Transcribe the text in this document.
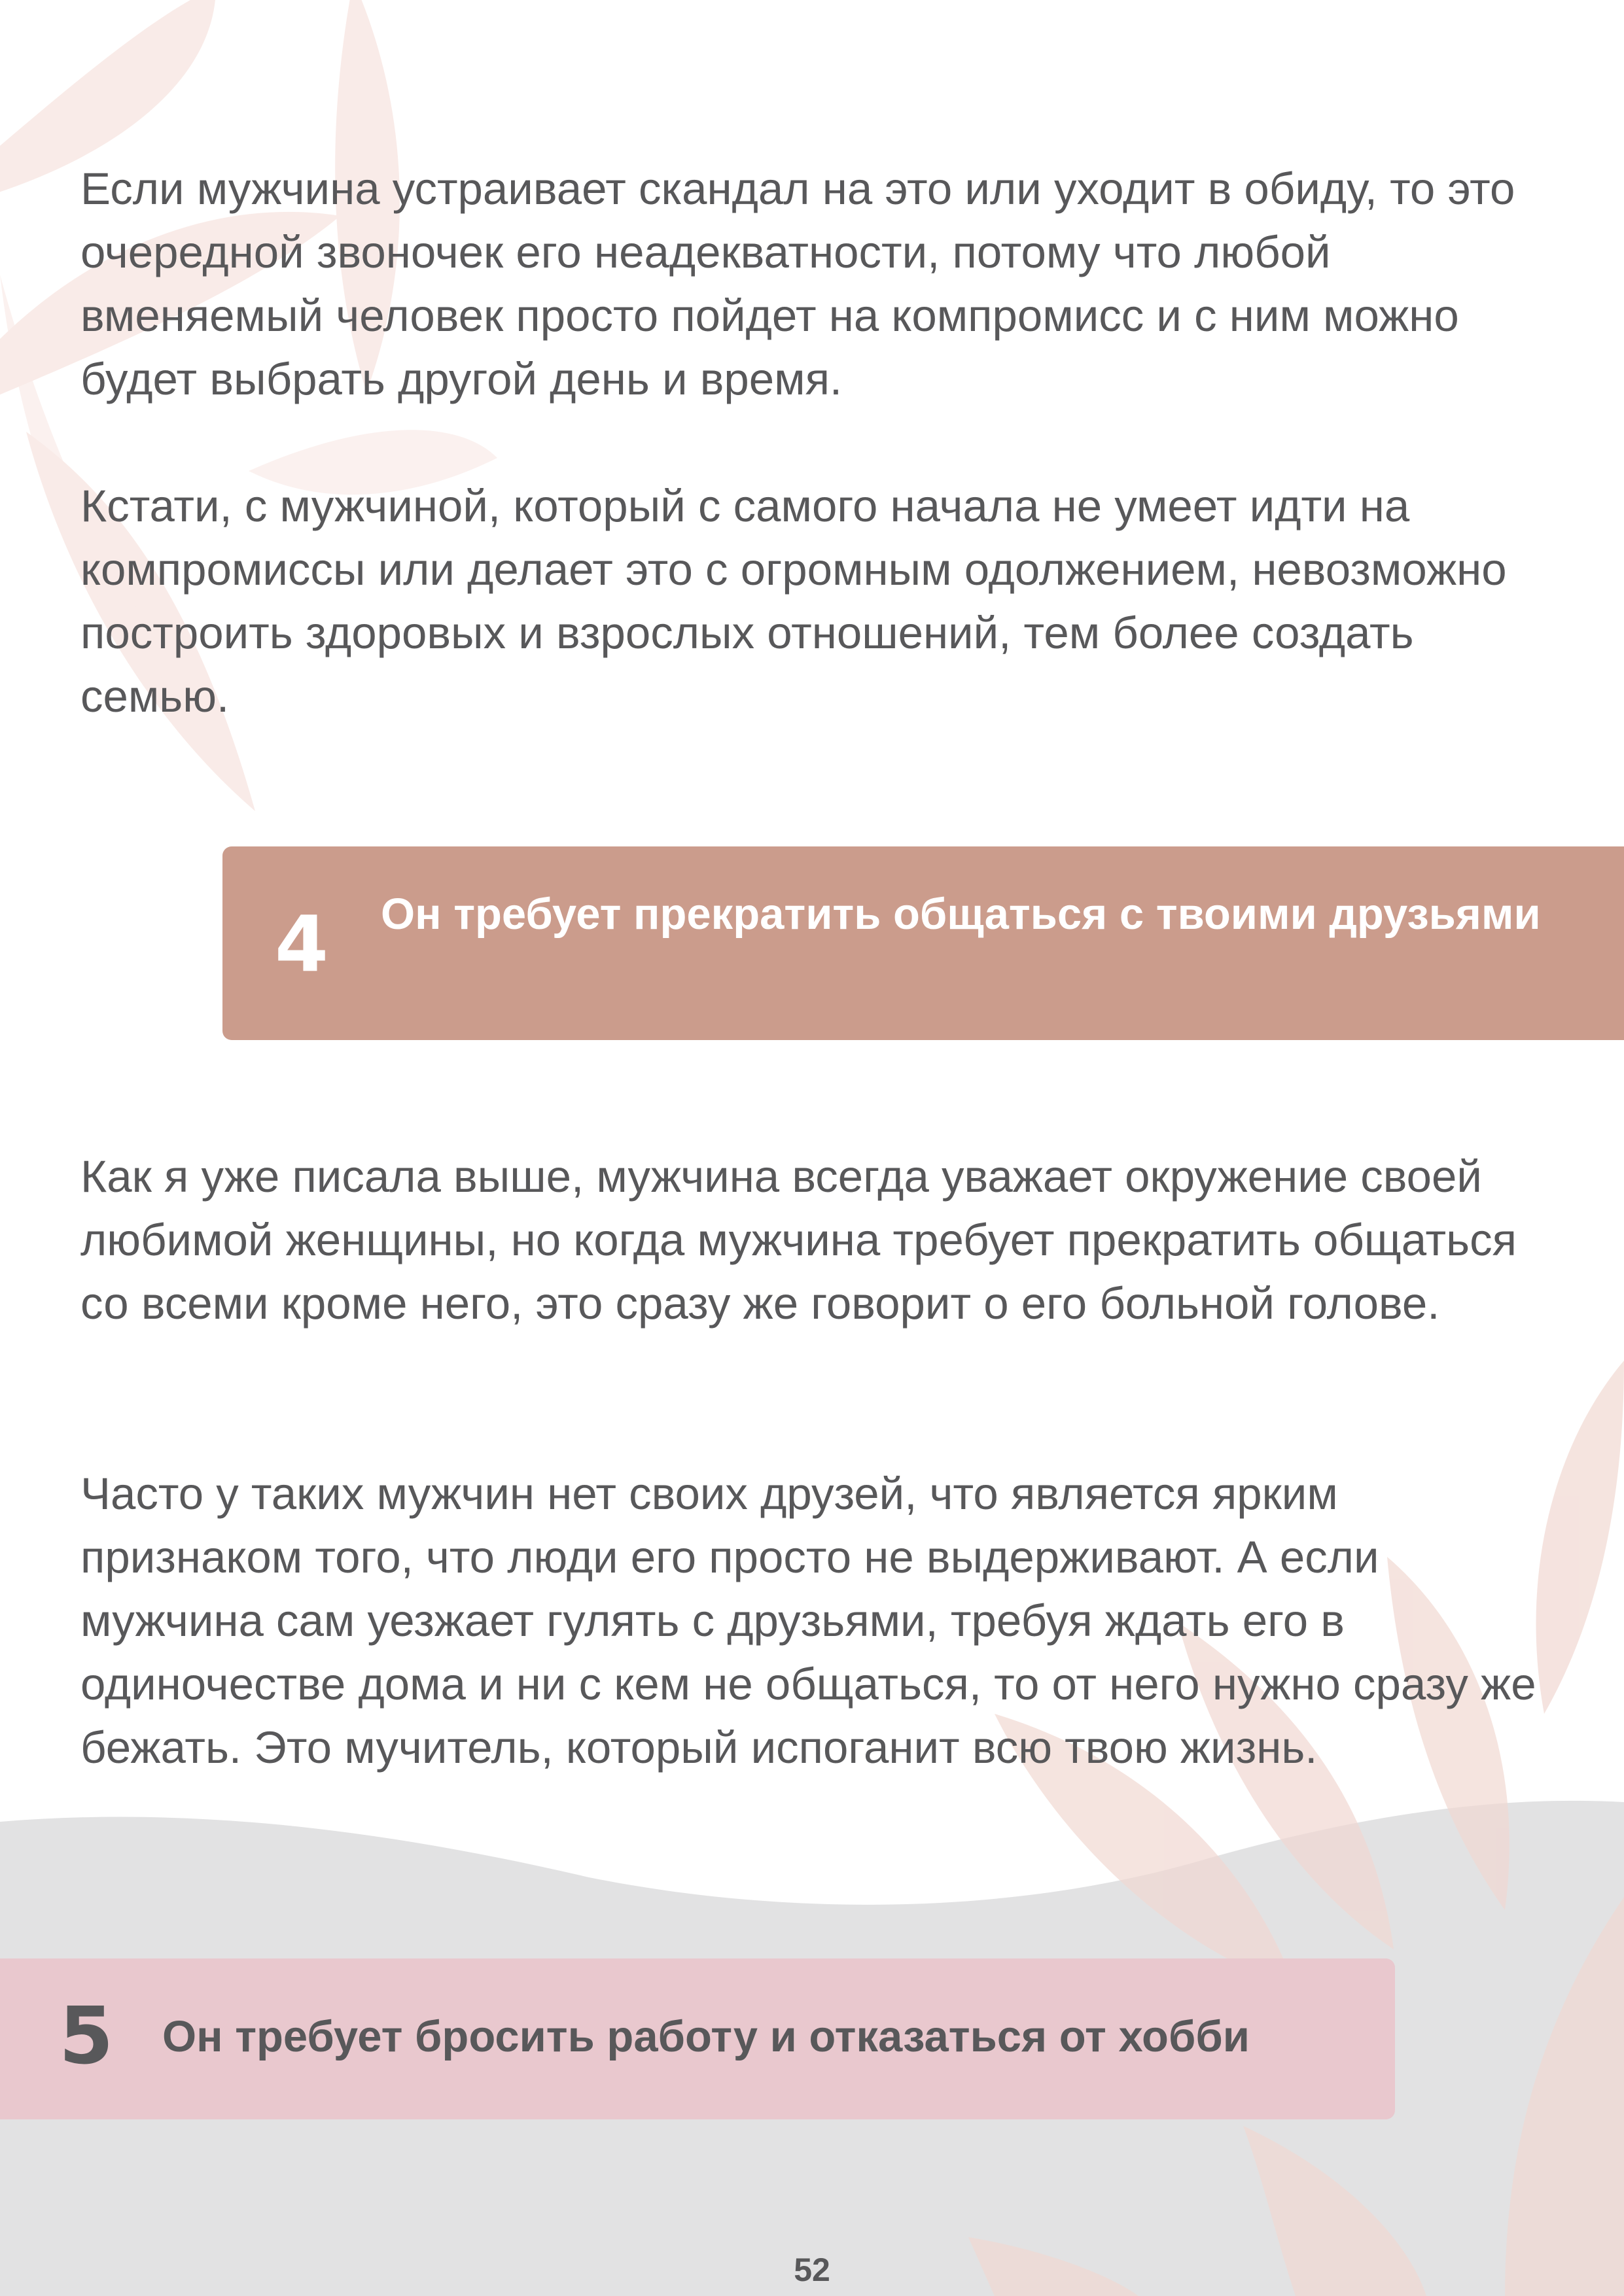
Если мужчина устраивает скандал на это или уходит в обиду, то это очередной звоночек его неадекватности, потому что любой вменяемый человек просто пойдет на компромисс и с ним можно будет выбрать другой день и время.

Кстати, с мужчиной, который с самого начала не умеет идти на компромиссы или делает это с огромным одолжением, невозможно построить здоровых и взрослых отношений, тем более создать семью.

4 Он требует прекратить общаться с твоими друзьями

Как я уже писала выше, мужчина всегда уважает окружение своей любимой женщины, но когда мужчина требует прекратить общаться со всеми кроме него, это сразу же говорит о его больной голове.

Часто у таких мужчин нет своих друзей, что является ярким признаком того, что люди его просто не выдерживают. А если мужчина сам уезжает гулять с друзьями, требуя ждать его в одиночестве дома и ни с кем не общаться, то от него нужно сразу же бежать. Это мучитель, который испоганит всю твою жизнь.

5 Он требует бросить работу и отказаться от хобби
52
